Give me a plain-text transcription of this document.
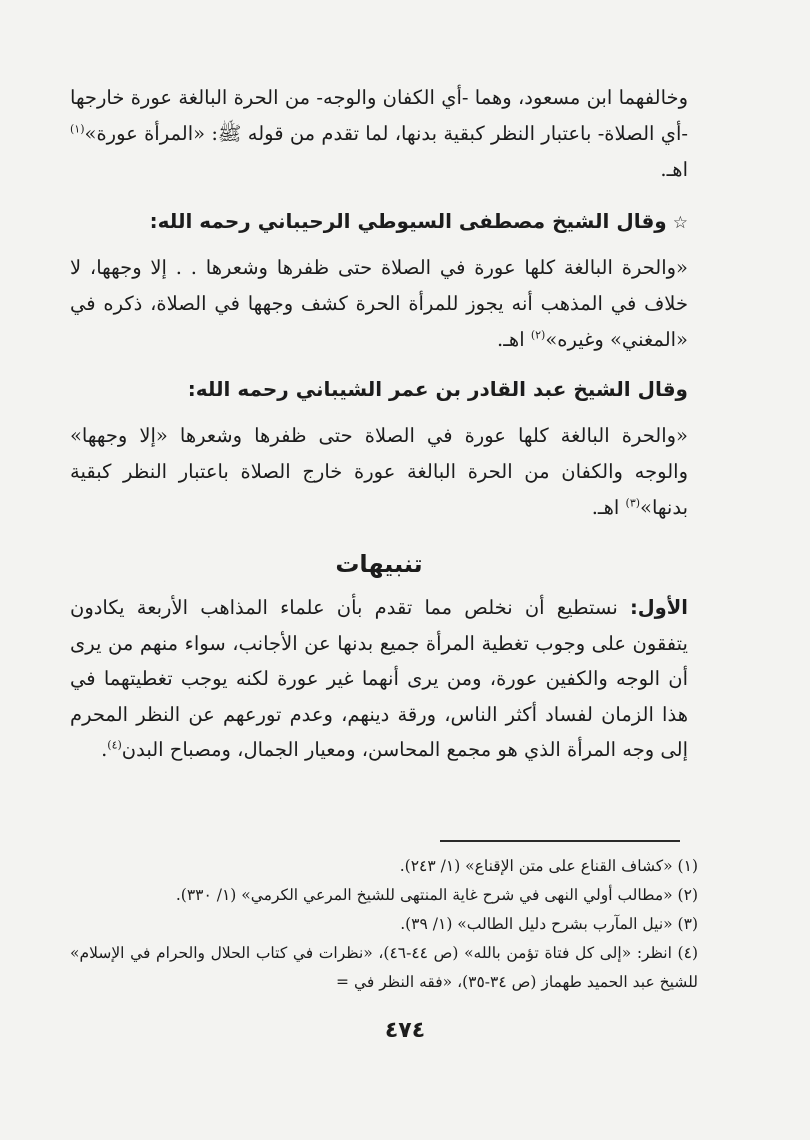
وخالفهما ابن مسعود، وهما -أي الكفان والوجه- من الحرة البالغة عورة خارجها -أي الصلاة- باعتبار النظر كبقية بدنها، لما تقدم من قوله ﷺ: «المرأة عورة»$^{(١)}$ اهـ.

☆وقال الشيخ مصطفى السيوطي الرحيباني رحمه الله:

«والحرة البالغة كلها عورة في الصلاة حتى ظفرها وشعرها . . إلا وجهها، لا خلاف في المذهب أنه يجوز للمرأة الحرة كشف وجهها في الصلاة، ذكره في «المغني» وغيره»$^{(٢)}$ اهـ.

وقال الشيخ عبد القادر بن عمر الشيباني رحمه الله:

«والحرة البالغة كلها عورة في الصلاة حتى ظفرها وشعرها «إلا وجهها» والوجه والكفان من الحرة البالغة عورة خارج الصلاة باعتبار النظر كبقية بدنها»$^{(٣)}$ اهـ.

تنبيهات

الأول: نستطيع أن نخلص مما تقدم بأن علماء المذاهب الأربعة يكادون يتفقون على وجوب تغطية المرأة جميع بدنها عن الأجانب، سواء منهم من يرى أن الوجه والكفين عورة، ومن يرى أنهما غير عورة لكنه يوجب تغطيتهما في هذا الزمان لفساد أكثر الناس، ورقة دينهم، وعدم تورعهم عن النظر المحرم إلى وجه المرأة الذي هو مجمع المحاسن، ومعيار الجمال، ومصباح البدن$^{(٤)}$.

(١) «كشاف القناع على متن الإقناع» (١/ ٢٤٣).

(٢) «مطالب أولي النهى في شرح غاية المنتهى للشيخ المرعي الكرمي» (١/ ٣٣٠).

(٣) «نيل المآرب بشرح دليل الطالب» (١/ ٣٩).

(٤) انظر: «إلى كل فتاة تؤمن بالله» (ص ٤٤-٤٦)، «نظرات في كتاب الحلال والحرام في الإسلام» للشيخ عبد الحميد طهماز (ص ٣٤-٣٥)، «فقه النظر في =

٤٧٤
